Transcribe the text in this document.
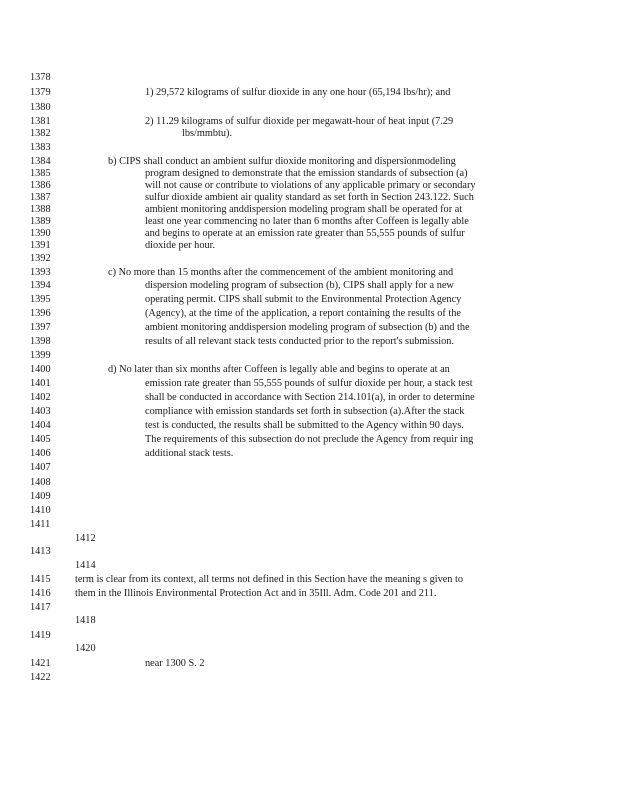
1378
1379	1) 29,572 kilograms of sulfur dioxide in any one hour (65,194 lbs/hr); and
1380
1381	2) 11.29 kilograms of sulfur dioxide per megawatt-hour of heat input (7.29
1382	lbs/mmbtu).
1383
1384	b) CIPS shall conduct an ambient sulfur dioxide monitoring and dispersionmodeling
1385	program designed to demonstrate that the emission standards of subsection (a)
1386	will not cause or contribute to violations of any applicable primary or secondary
1387	sulfur dioxide ambient air quality standard as set forth in Section 243.122. Such
1388	ambient monitoring anddispersion modeling program shall be operated for at
1389	least one year commencing no later than 6 months after Coffeen is legally able
1390	and begins to operate at an emission rate greater than 55,555 pounds of sulfur
1391	dioxide per hour.
1392
1393	c) No more than 15 months after the commencement of the ambient monitoring and
1394	dispersion modeling program of subsection (b), CIPS shall apply for a new
1395	operating permit. CIPS shall submit to the Environmental Protection Agency
1396	(Agency), at the time of the application, a report containing the results of the
1397	ambient monitoring anddispersion modeling program of subsection (b) and the
1398	results of all relevant stack tests conducted prior to the report's submission.
1399
1400	d) No later than six months after Coffeen is legally able and begins to operate at an
1401	emission rate greater than 55,555 pounds of sulfur dioxide per hour, a stack test
1402	shall be conducted in accordance with Section 214.101(a), in order to determine
1403	compliance with emission standards set forth in subsection (a).After the stack
1404	test is conducted, the results shall be submitted to the Agency within 90 days.
1405	The requirements of this subsection do not preclude the Agency from requir ing
1406	additional stack tests.
1407
1408
1409
1410
1411
1412
1413
1414
1415 term is clear from its context, all terms not defined in this Section have the meaning s given to
1416 them in the Illinois Environmental Protection Act and in 35Ill. Adm. Code 201 and 211.
1417
1418
1419
1420
1421	near 1300 S. 2
1422
